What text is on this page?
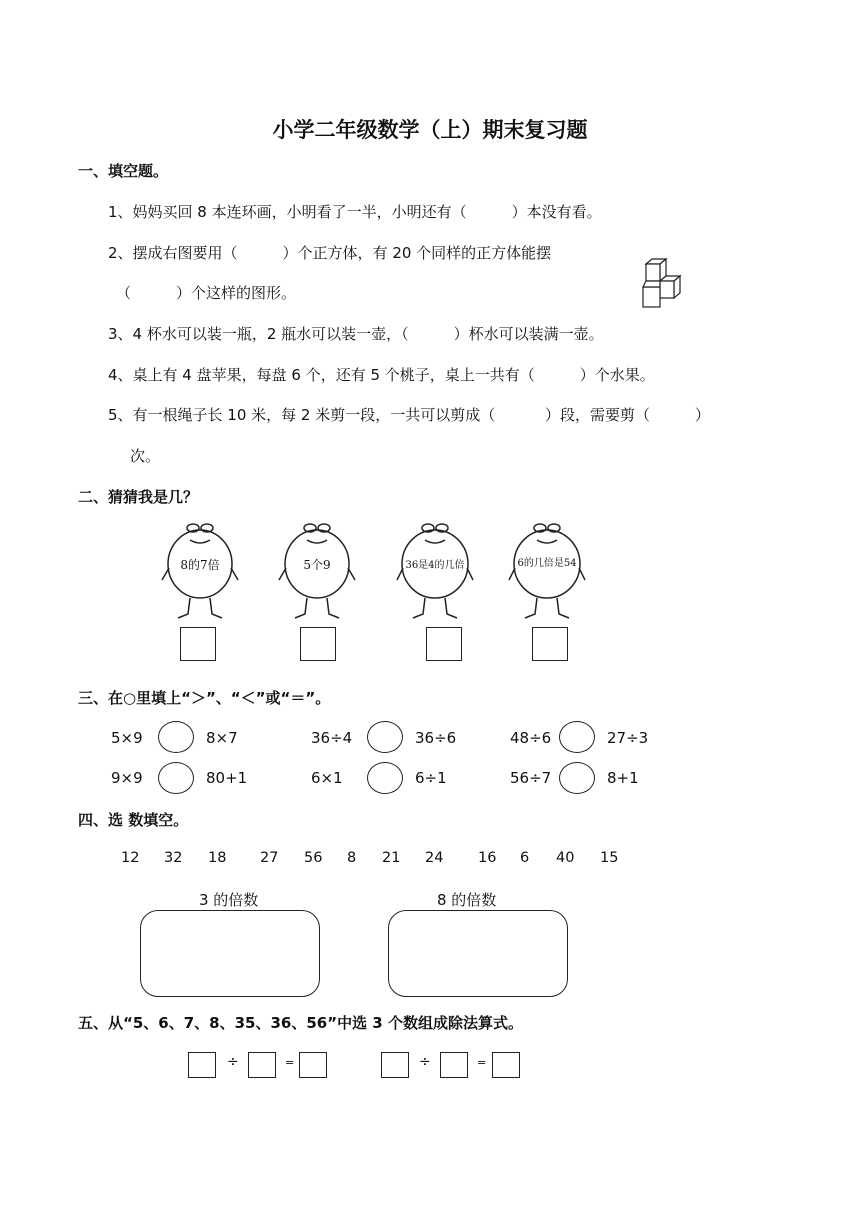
小学二年级数学（上）期末复习题
一、填空题。
1、妈妈买回 8 本连环画，小明看了一半，小明还有（　　　）本没有看。
2、摆成右图要用（　　　）个正方体，有 20 个同样的正方体能摆
（　　　）个这样的图形。
3、4 杯水可以装一瓶，2 瓶水可以装一壶，（　　　）杯水可以装满一壶。
4、桌上有 4 盘苹果，每盘 6 个，还有 5 个桃子，桌上一共有（　　　）个水果。
5、有一根绳子长 10 米，每 2 米剪一段，一共可以剪成（　　　 ）段，需要剪（　　　）
次。
二、猜猜我是几？
8的7倍	5个9	36是4的几倍	6的几倍是54
三、在○里填上“＞”、“＜”或“＝”。
5×9	8×7	36÷4	36÷6	48÷6	27÷3
9×9	80+1	6×1	6÷1	56÷7	8+1
四、选 数填空。
12 32 18 27 56 8 21 24 16 6 40 15
3 的倍数	8 的倍数
五、从“5、6、7、8、35、36、56”中选 3 个数组成除法算式。
÷	=	÷	=
